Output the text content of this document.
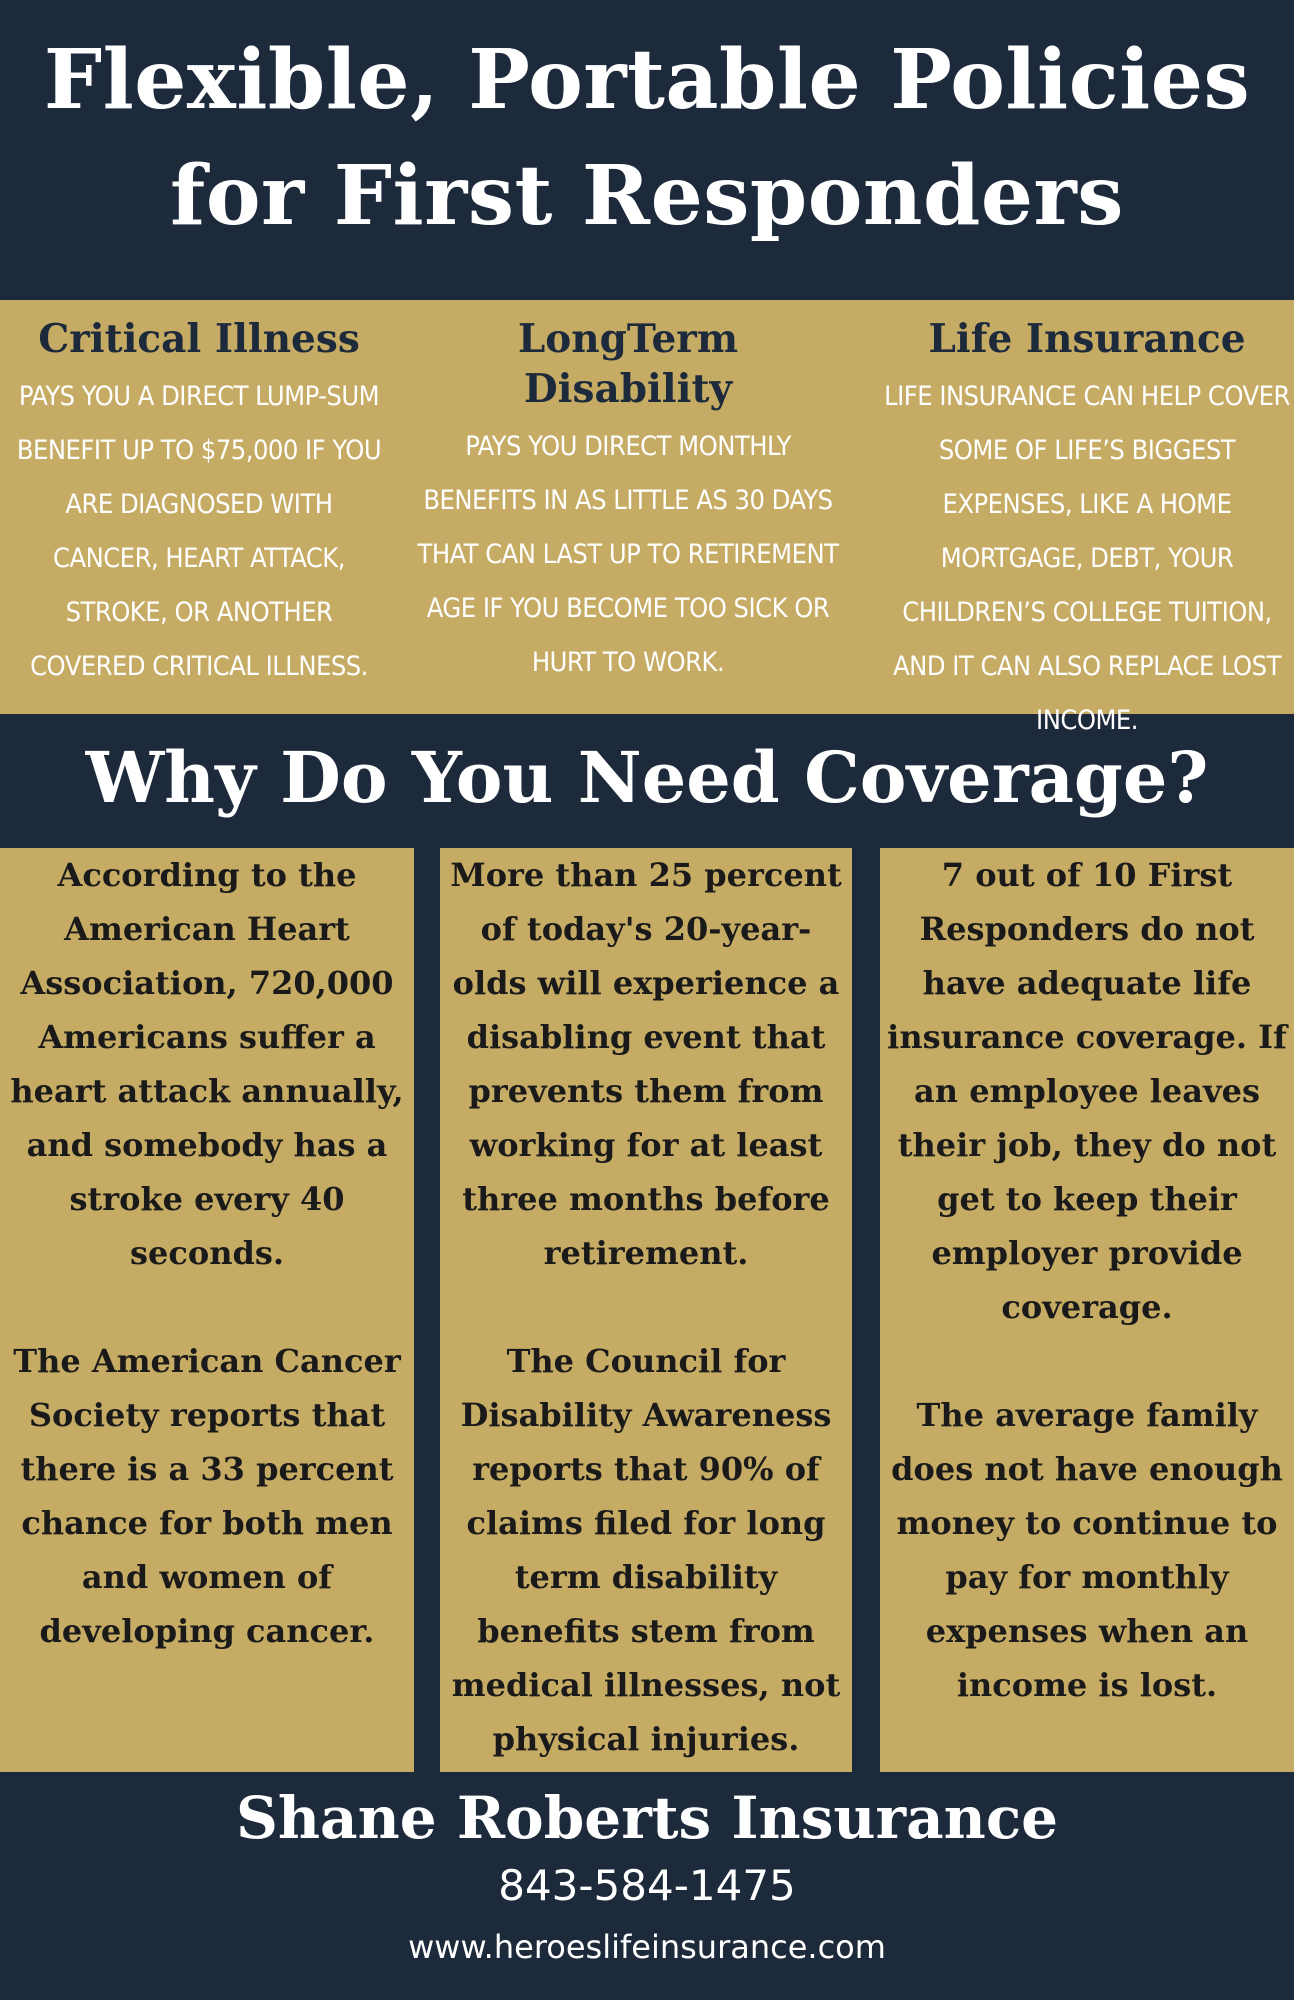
Flexible, Portable Policies
for First Responders
Critical Illness

PAYS YOU A DIRECT LUMP-SUM BENEFIT UP TO $75,000 IF YOU ARE DIAGNOSED WITH CANCER, HEART ATTACK, STROKE, OR ANOTHER COVERED CRITICAL ILLNESS.

LongTerm Disability

PAYS YOU DIRECT MONTHLY BENEFITS IN AS LITTLE AS 30 DAYS THAT CAN LAST UP TO RETIREMENT AGE IF YOU BECOME TOO SICK OR HURT TO WORK.

Life Insurance

LIFE INSURANCE CAN HELP COVER SOME OF LIFE’S BIGGEST EXPENSES, LIKE A HOME MORTGAGE, DEBT, YOUR CHILDREN’S COLLEGE TUITION, AND IT CAN ALSO REPLACE LOST INCOME.

Why Do You Need Coverage?

According to the American Heart Association, 720,000 Americans suffer a heart attack annually, and somebody has a stroke every 40 seconds.

The American Cancer Society reports that there is a 33 percent chance for both men and women of developing cancer.

More than 25 percent of today's 20-year-olds will experience a disabling event that prevents them from working for at least three months before retirement.

The Council for Disability Awareness reports that 90% of claims filed for long term disability benefits stem from medical illnesses, not physical injuries.

7 out of 10 First Responders do not have adequate life insurance coverage. If an employee leaves their job, they do not get to keep their employer provide coverage.

The average family does not have enough money to continue to pay for monthly expenses when an income is lost.

Shane Roberts Insurance
843-584-1475
www.heroeslifeinsurance.com
